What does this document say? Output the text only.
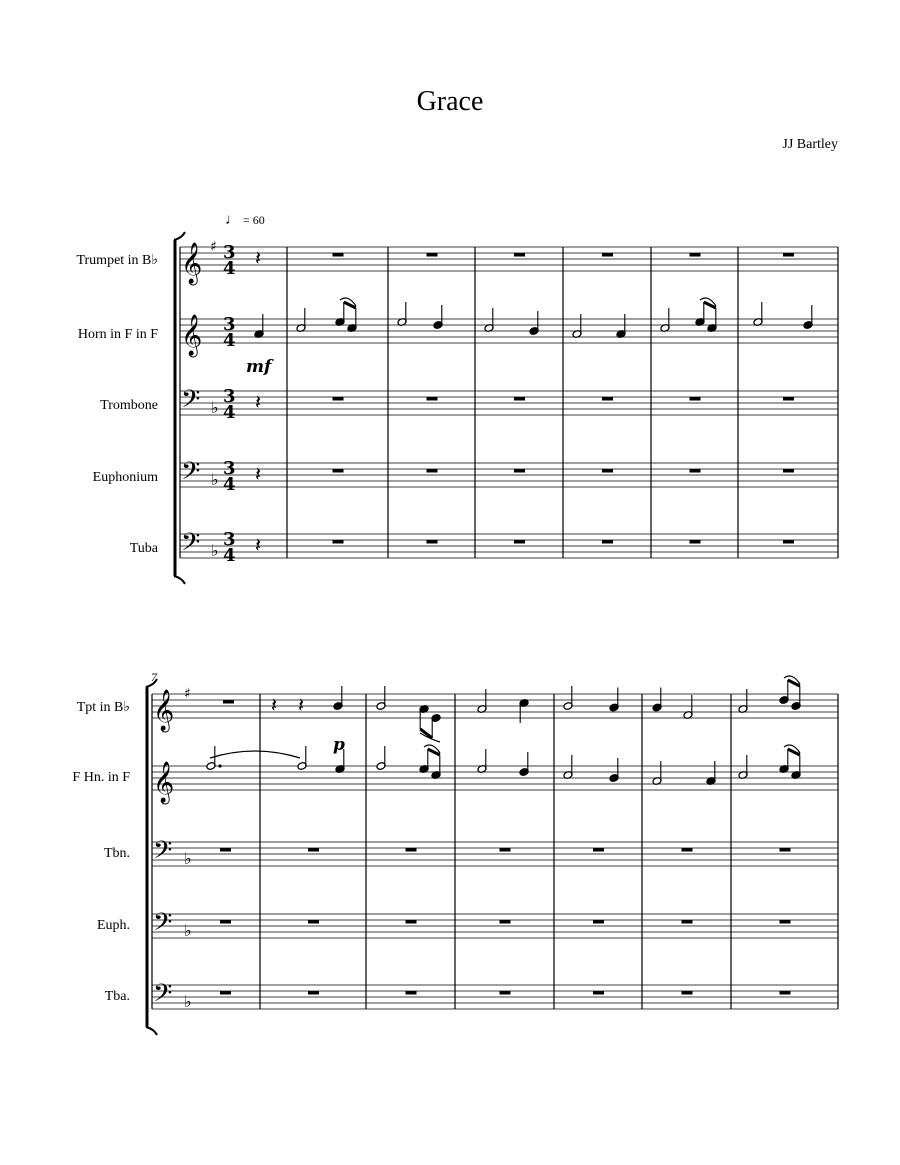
Grace
JJ Bartley
♩ = 60
Trumpet in B♭
Horn in F in F
Trombone
Euphonium
Tuba
Tpt in B♭
F Hn. in F
Tbn.
Euph.
Tba.
7
𝄞 ♯
𝄞
𝄢 ♭
𝄢 ♭
𝄢 ♭
𝄽
𝄽
𝄽
𝄽
𝄞 ♯
𝄞
𝄢 ♭
𝄢 ♭
𝄢 ♭
𝄽 𝄽
3
4
3
4
3
4
3
4
3
4
mf
p
